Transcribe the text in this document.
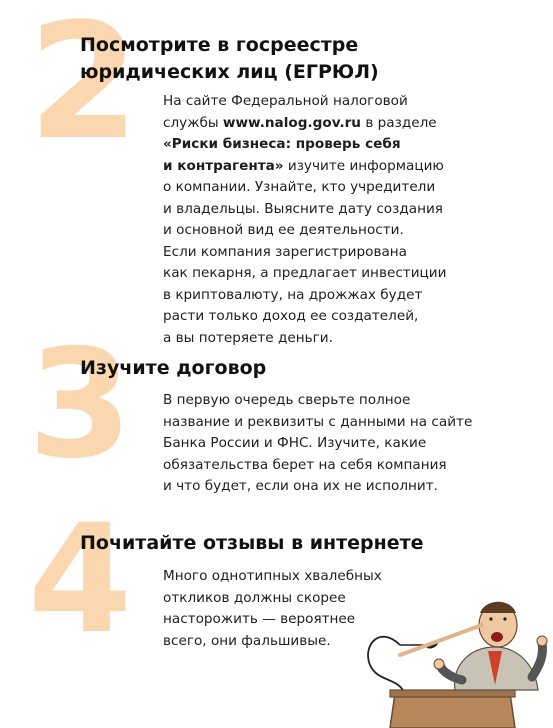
2
Посмотрите в госреестре
юридических лиц (ЕГРЮЛ)
На сайте Федеральной налоговой
службы www.nalog.gov.ru в разделе
«Риски бизнеса: проверь себя
и контрагента» изучите информацию
о компании. Узнайте, кто учредители
и владельцы. Выясните дату создания
и основной вид ее деятельности.
Если компания зарегистрирована
как пекарня, а предлагает инвестиции
в криптовалюту, на дрожжах будет
расти только доход ее создателей,
а вы потеряете деньги.
3
Изучите договор
В первую очередь сверьте полное
название и реквизиты с данными на сайте
Банка России и ФНС. Изучите, какие
обязательства берет на себя компания
и что будет, если она их не исполнит.
4
Почитайте отзывы в интернете
Много однотипных хвалебных
откликов должны скорее
насторожить — вероятнее
всего, они фальшивые.
